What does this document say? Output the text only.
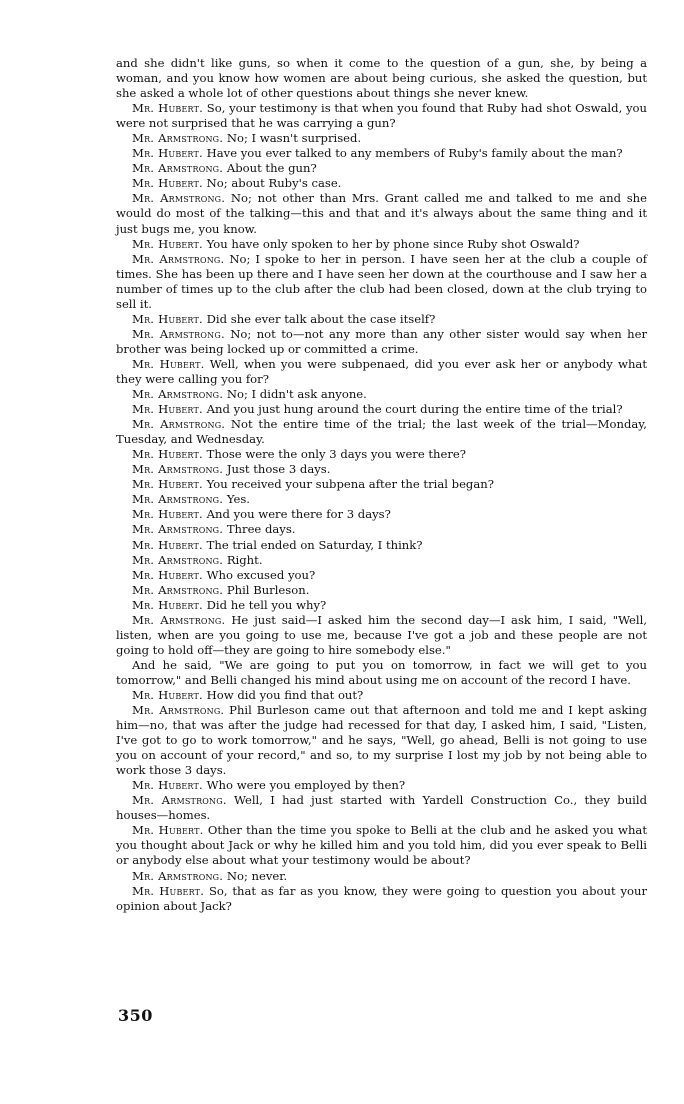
and she didn't like guns, so when it come to the question of a gun, she, by being a woman, and you know how women are about being curious, she asked the question, but she asked a whole lot of other questions about things she never knew.

Mr. Hubert. So, your testimony is that when you found that Ruby had shot Oswald, you were not surprised that he was carrying a gun?

Mr. Armstrong. No; I wasn't surprised.

Mr. Hubert. Have you ever talked to any members of Ruby's family about the man?

Mr. Armstrong. About the gun?

Mr. Hubert. No; about Ruby's case.

Mr. Armstrong. No; not other than Mrs. Grant called me and talked to me and she would do most of the talking—this and that and it's always about the same thing and it just bugs me, you know.

Mr. Hubert. You have only spoken to her by phone since Ruby shot Oswald?

Mr. Armstrong. No; I spoke to her in person. I have seen her at the club a couple of times. She has been up there and I have seen her down at the courthouse and I saw her a number of times up to the club after the club had been closed, down at the club trying to sell it.

Mr. Hubert. Did she ever talk about the case itself?

Mr. Armstrong. No; not to—not any more than any other sister would say when her brother was being locked up or committed a crime.

Mr. Hubert. Well, when you were subpenaed, did you ever ask her or anybody what they were calling you for?

Mr. Armstrong. No; I didn't ask anyone.

Mr. Hubert. And you just hung around the court during the entire time of the trial?

Mr. Armstrong. Not the entire time of the trial; the last week of the trial—Monday, Tuesday, and Wednesday.

Mr. Hubert. Those were the only 3 days you were there?

Mr. Armstrong. Just those 3 days.

Mr. Hubert. You received your subpena after the trial began?

Mr. Armstrong. Yes.

Mr. Hubert. And you were there for 3 days?

Mr. Armstrong. Three days.

Mr. Hubert. The trial ended on Saturday, I think?

Mr. Armstrong. Right.

Mr. Hubert. Who excused you?

Mr. Armstrong. Phil Burleson.

Mr. Hubert. Did he tell you why?

Mr. Armstrong. He just said—I asked him the second day—I ask him, I said, "Well, listen, when are you going to use me, because I've got a job and these people are not going to hold off—they are going to hire somebody else."

And he said, "We are going to put you on tomorrow, in fact we will get to you tomorrow," and Belli changed his mind about using me on account of the record I have.

Mr. Hubert. How did you find that out?

Mr. Armstrong. Phil Burleson came out that afternoon and told me and I kept asking him—no, that was after the judge had recessed for that day, I asked him, I said, "Listen, I've got to go to work tomorrow," and he says, "Well, go ahead, Belli is not going to use you on account of your record," and so, to my surprise I lost my job by not being able to work those 3 days.

Mr. Hubert. Who were you employed by then?

Mr. Armstrong. Well, I had just started with Yardell Construction Co., they build houses—homes.

Mr. Hubert. Other than the time you spoke to Belli at the club and he asked you what you thought about Jack or why he killed him and you told him, did you ever speak to Belli or anybody else about what your testimony would be about?

Mr. Armstrong. No; never.

Mr. Hubert. So, that as far as you know, they were going to question you about your opinion about Jack?

350
